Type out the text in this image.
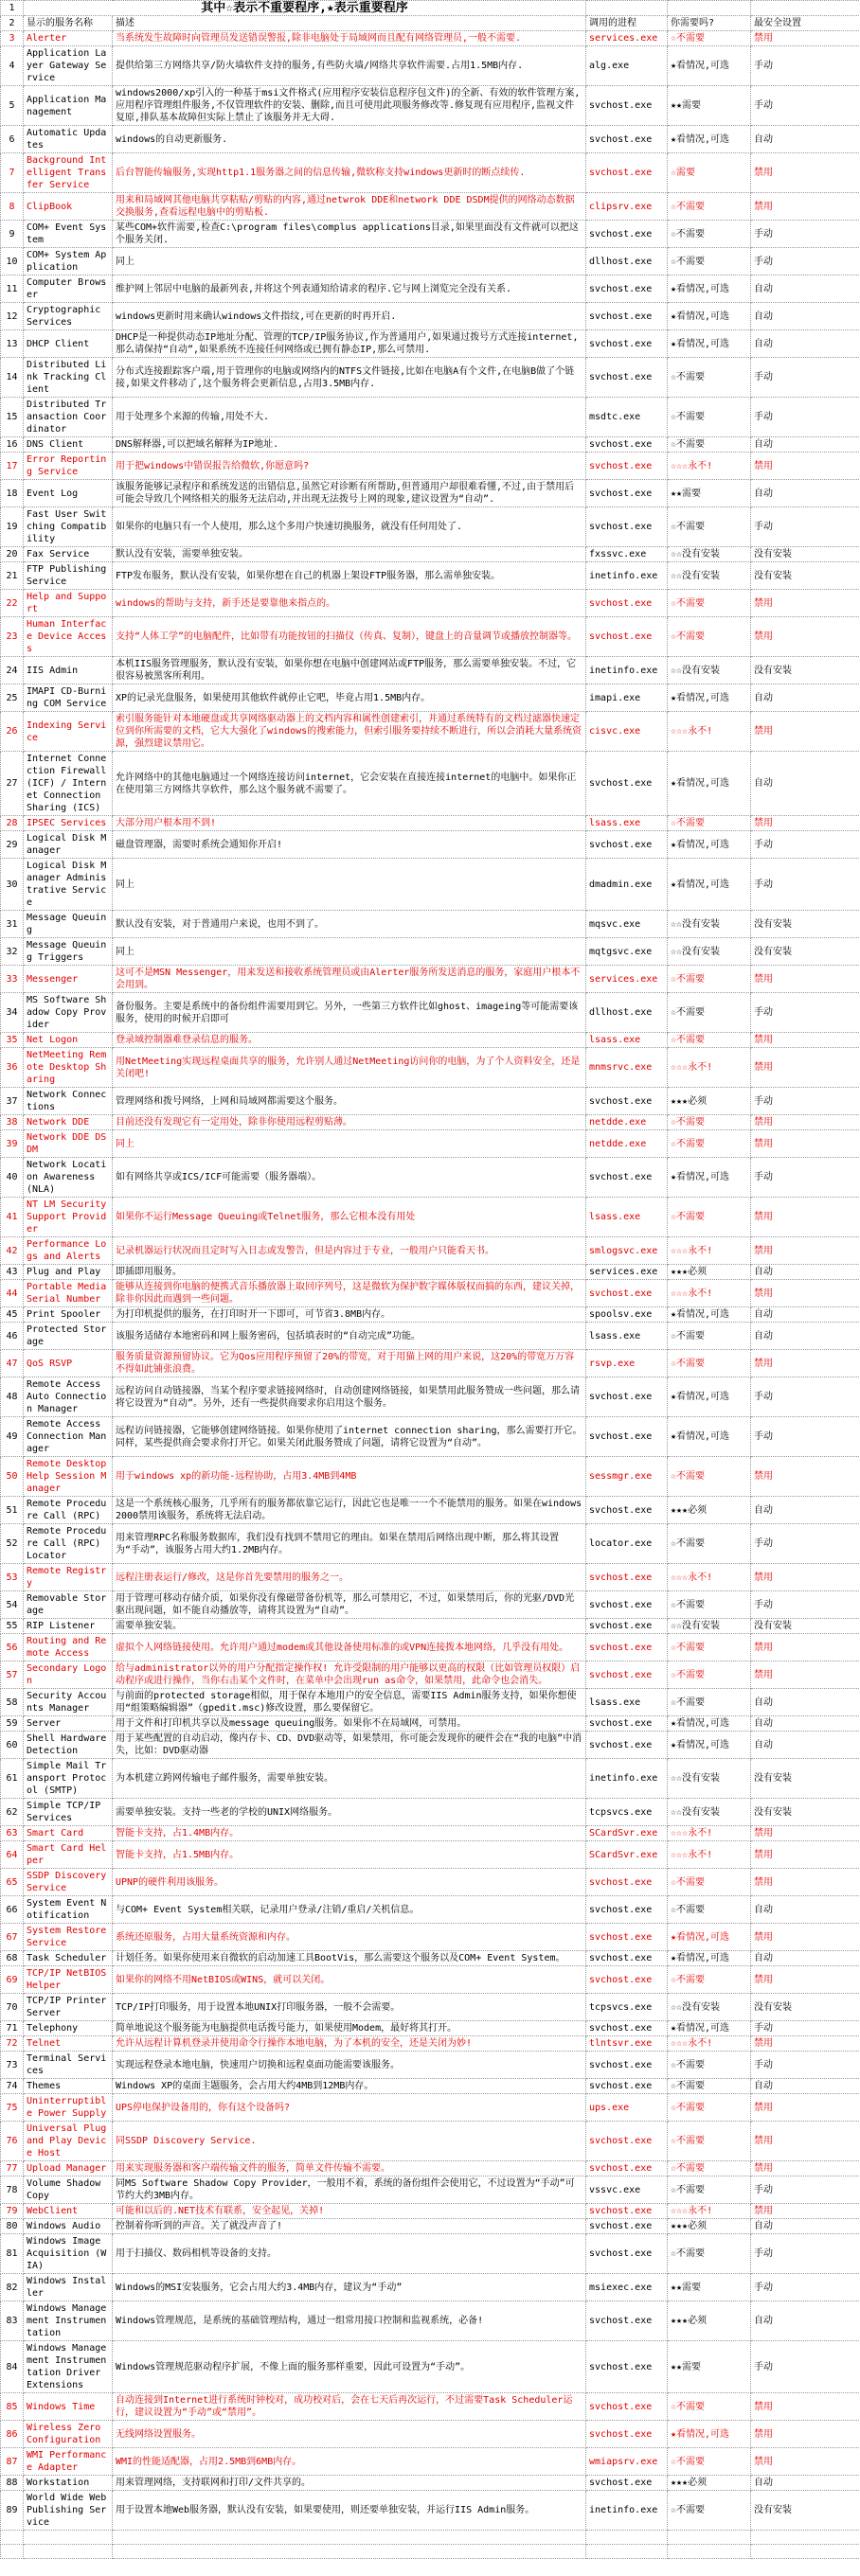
1	其中☆表示不重要程序,★表示重要程序				
2	显示的服务名称	描述	调用的进程	你需要吗?	最安全设置
3	Alerter	当系统发生故障时向管理员发送错误警报,除非电脑处于局域网而且配有网络管理员,一般不需要.	services.exe	☆不需要	禁用
4	Application Layer Gateway Service	提供给第三方网络共享/防火墙软件支持的服务,有些防火墙/网络共享软件需要.占用1.5MB内存.	alg.exe	★看情况,可选	手动
5	Application Management	windows2000/xp引入的一种基于msi文件格式(应用程序安装信息程序包文件)的全新、有效的软件管理方案,应用程序管理组件服务,不仅管理软件的安装、删除,而且可使用此项服务修改等.修复现有应用程序,监视文件复原,排队基本故障但实际上禁止了该服务并无大碍.	svchost.exe	★★需要	手动
6	Automatic Updates	windows的自动更新服务.	svchost.exe	★看情况,可选	自动
7	Background Intelligent Transfer Service	后台智能传输服务,实现http1.1服务器之间的信息传输,微软称支持windows更新时的断点续传.	svchost.exe	☆需要	禁用
8	ClipBook	用来和局域网其他电脑共享粘贴/剪贴的内容,通过netwrok DDE和network DDE DSDM提供的网络动态数据交换服务,查看远程电脑中的剪贴板.	clipsrv.exe	☆不需要	禁用
9	COM+ Event System	某些COM+软件需要,检查C:\program files\complus applications目录,如果里面没有文件就可以把这个服务关闭.	svchost.exe	☆不需要	手动
10	COM+ System Application	同上	dllhost.exe	☆不需要	手动
11	Computer Browser	维护网上邻居中电脑的最新列表,并将这个列表通知给请求的程序.它与网上浏览完全没有关系.	svchost.exe	★看情况,可选	自动
12	Cryptographic Services	windows更新时用来确认windows文件指纹,可在更新的时再开启.	svchost.exe	★看情况,可选	自动
13	DHCP Client	DHCP是一种提供动态IP地址分配、管理的TCP/IP服务协议,作为普通用户,如果通过拨号方式连接internet,那么请保持“自动”,如果系统不连接任何网络或已拥有静态IP,那么可禁用.	svchost.exe	★看情况,可选	自动
14	Distributed Link Tracking Client	分布式连接跟踪客户端,用于管理你的电脑或网络内的NTFS文件链接,比如在电脑A有个文件,在电脑B做了个链接,如果文件移动了,这个服务将会更新信息,占用3.5MB内存.	svchost.exe	☆不需要	手动
15	Distributed Transaction Coordinator	用于处理多个来源的传输,用处不大.	msdtc.exe	☆不需要	手动
16	DNS Client	DNS解释器,可以把域名解释为IP地址.	svchost.exe	☆不需要	自动
17	Error Reporting Service	用于把windows中错误报告给微软,你愿意吗?	svchost.exe	☆☆☆永不!	禁用
18	Event Log	该服务能够记录程序和系统发送的出错信息,虽然它对诊断有所帮助,但普通用户却很难看懂,不过,由于禁用后可能会导致几个网络相关的服务无法启动,并出现无法拨号上网的现象,建议设置为“自动”.	svchost.exe	★★需要	自动
19	Fast User Switching Compatibility	如果你的电脑只有一个人使用，那么这个多用户快速切换服务，就没有任何用处了.	svchost.exe	☆不需要	手动
20	Fax Service	默认没有安装，需要单独安装。	fxssvc.exe	☆☆没有安装	没有安装
21	FTP Publishing Service	FTP发布服务，默认没有安装，如果你想在自己的机器上架设FTP服务器，那么需单独安装。	inetinfo.exe	☆☆没有安装	没有安装
22	Help and Support	windows的帮助与支持，新手还是要靠他来指点的。	svchost.exe	☆不需要	禁用
23	Human Interface Device Access	支持“人体工学”的电脑配件，比如带有功能按钮的扫描仪（传真、复制），键盘上的音量调节或播放控制器等。	svchost.exe	☆不需要	禁用
24	IIS Admin	本机IIS服务管理服务，默认没有安装，如果你想在电脑中创建网站或FTP服务，那么需要单独安装。不过，它很容易被黑客所利用。	inetinfo.exe	☆☆没有安装	没有安装
25	IMAPI CD-Burning COM Service	XP的记录光盘服务，如果使用其他软件就停止它吧，毕竟占用1.5MB内存。	imapi.exe	★看情况,可选	自动
26	Indexing Service	索引服务能针对本地硬盘或共享网络驱动器上的文档内容和属性创建索引，并通过系统特有的文档过滤器快速定位到你所需要的文档，它大大强化了windows的搜索能力，但索引服务要持续不断进行，所以会消耗大量系统资源，强烈建议禁用它。	cisvc.exe	☆☆☆永不!	禁用
27	Internet Connection Firewall (ICF) / Internet Connection Sharing (ICS)	允许网络中的其他电脑通过一个网络连接访问internet，它会安装在直接连接internet的电脑中。如果你正在使用第三方网络共享软件，那么这个服务就不需要了。	svchost.exe	★看情况,可选	自动
28	IPSEC Services	大部分用户根本用不到!	lsass.exe	☆不需要	禁用
29	Logical Disk Manager	磁盘管理器，需要时系统会通知你开启!	svchost.exe	★看情况,可选	手动
30	Logical Disk Manager Administrative Service	同上	dmadmin.exe	★看情况,可选	手动
31	Message Queuing	默认没有安装，对于普通用户来说，也用不到了。	mqsvc.exe	☆☆没有安装	没有安装
32	Message Queuing Triggers	同上	mqtgsvc.exe	☆☆没有安装	没有安装
33	Messenger	这可不是MSN Messenger，用来发送和接收系统管理员或由Alerter服务所发送消息的服务，家庭用户根本不会用到。	services.exe	☆不需要	禁用
34	MS Software Shadow Copy Provider	备份服务。主要是系统中的备份组件需要用到它。另外，一些第三方软件比如ghost、imageing等可能需要该服务，使用的时候开启即可	dllhost.exe	☆不需要	手动
35	Net Logon	登录域控制器难登录信息的服务。	lsass.exe	☆不需要	禁用
36	NetMeeting Remote Desktop Sharing	用NetMeeting实现远程桌面共享的服务，允许别人通过NetMeeting访问你的电脑，为了个人资料安全，还是关闭吧!	mnmsrvc.exe	☆☆☆永不!	禁用
37	Network Connections	管理网络和拨号网络，上网和局域网都需要这个服务。	svchost.exe	★★★必须	手动
38	Network DDE	目前还没有发现它有一定用处，除非你使用远程剪贴薄。	netdde.exe	☆不需要	禁用
39	Network DDE DSDM	同上	netdde.exe	☆不需要	禁用
40	Network Location Awareness (NLA)	如有网络共享或ICS/ICF可能需要（服务器端）。	svchost.exe	★看情况,可选	手动
41	NT LM Security Support Provider	如果你不运行Message Queuing或Telnet服务，那么它根本没有用处	lsass.exe	☆不需要	禁用
42	Performance Logs and Alerts	记录机器运行状况而且定时写入日志或发警告，但是内容过于专业，一般用户只能看天书。	smlogsvc.exe	☆☆☆永不!	禁用
43	Plug and Play	即插即用服务。	services.exe	★★★必须	自动
44	Portable Media Serial Number	能够从连接到你电脑的便携式音乐播放器上取回序列号，这是微软为保护数字媒体版权而搞的东西，建议关掉，除非你因此而遇到一些问题。	svchost.exe	☆☆☆永不!	禁用
45	Print Spooler	为打印机提供的服务，在打印时开一下即可，可节省3.8MB内存。	spoolsv.exe	★看情况,可选	自动
46	Protected Storage	该服务适储存本地密码和网上服务密码，包括填表时的“自动完成”功能。	lsass.exe	☆不需要	自动
47	QoS RSVP	服务质量资源预留协议。它为Qos应用程序预留了20%的带宽，对于用猫上网的用户来说，这20%的带宽万万容不得如此铺张浪费。	rsvp.exe	☆不需要	禁用
48	Remote Access Auto Connection Manager	远程访问自动链接器，当某个程序要求链接网络时，自动创建网络链接，如果禁用此服务赞成一些问题，那么请将它设置为“自动”。另外，还有一些提供商要求你启用这个服务。	svchost.exe	★看情况,可选	手动
49	Remote Access Connection Manager	远程访问链接器，它能够创建网络链接。如果你使用了internet connection sharing，那么需要打开它。同样，某些提供商会要求你打开它。如果关闭此服务赞成了问题，请将它设置为“自动”。	svchost.exe	★看情况,可选	手动
50	Remote Desktop Help Session Manager	用于windows xp的新功能-远程协助，占用3.4MB到4MB	sessmgr.exe	☆不需要	禁用
51	Remote Procedure Call (RPC)	这是一个系统核心服务，几乎所有的服务都依靠它运行，因此它也是唯一一个不能禁用的服务。如果在windows2000禁用该服务，系统将无法启动。	svchost.exe	★★★必须	自动
52	Remote Procedure Call (RPC) Locator	用来管理RPC名称服务数据库，我们没有找到不禁用它的理由。如果在禁用后网络出现中断，那么将其设置为“手动”，该服务占用大约1.2MB内存。	locator.exe	☆不需要	手动
53	Remote Registry	远程注册表运行/修改，这是你首先要禁用的服务之一。	svchost.exe	☆☆☆永不!	禁用
54	Removable Storage	用于管理可移动存储介质，如果你没有像磁带备份机等，那么可禁用它，不过，如果禁用后，你的光驱/DVD光驱出现问题，如不能自动播放等，请将其设置为“自动”。	svchost.exe	☆不需要	手动
55	RIP Listener	需要单独安装。	svchost.exe	☆☆没有安装	没有安装
56	Routing and Remote Access	虚拟个人网络链接使用。允许用户通过modem或其他设备使用标准的或VPN连接拨本地网络，几乎没有用处。	svchost.exe	☆不需要	禁用
57	Secondary Logon	给与administrator以外的用户分配指定操作权! 允许受限制的用户能够以更高的权限（比如管理员权限）启动程序或进行操作，当你右击某个文件时，在菜单中会出现run as命令，如果禁用，此命令也会消失。	svchost.exe	☆不需要	禁用
58	Security Accounts Manager	与前面的protected storage相似，用于保存本地用户的安全信息，需要IIS Admin服务支持，如果你想使用“组策略编辑器”（gpedit.msc)修改设置，那么要保留它。	lsass.exe	☆不需要	自动
59	Server	用于文件和打印机共享以及message queuing服务。如果你不在局域网，可禁用。	svchost.exe	★看情况,可选	自动
60	Shell Hardware Detection	用于某些配置的自动启动，像内存卡、CD、DVD驱动等，如果禁用，你可能会发现你的硬件会在“我的电脑”中消失，比如：DVD驱动器	svchost.exe	★看情况,可选	自动
61	Simple Mail Transport Protocol (SMTP)	为本机建立跨网传输电子邮件服务，需要单独安装。	inetinfo.exe	☆☆没有安装	没有安装
62	Simple TCP/IP Services	需要单独安装。支持一些老的学校的UNIX网络服务。	tcpsvcs.exe	☆☆没有安装	没有安装
63	Smart Card	智能卡支持，占1.4MB内存。	SCardSvr.exe	☆☆☆永不!	禁用
64	Smart Card Helper	智能卡支持，占1.5MB内存。	SCardSvr.exe	☆☆☆永不!	禁用
65	SSDP Discovery Service	UPNP的硬件利用该服务。	svchost.exe	☆不需要	禁用
66	System Event Notification	与COM+ Event System相关联，记录用户登录/注销/重启/关机信息。	svchost.exe	☆不需要	自动
67	System Restore Service	系统还原服务，占用大量系统资源和内存。	svchost.exe	★看情况,可选	禁用
68	Task Scheduler	计划任务。如果你使用来自微软的启动加速工具BootVis，那么需要这个服务以及COM+ Event System。	svchost.exe	★看情况,可选	自动
69	TCP/IP NetBIOS Helper	如果你的网络不用NetBIOS或WINS，就可以关闭。	svchost.exe	☆不需要	禁用
70	TCP/IP Printer Server	TCP/IP打印服务，用于设置本地UNIX打印服务器，一般不会需要。	tcpsvcs.exe	☆☆没有安装	没有安装
71	Telephony	简单地说这个服务能为电脑提供电话拨号能力，如果使用Modem，最好将其打开。	svchost.exe	★看情况,可选	手动
72	Telnet	允许从远程计算机登录并使用命令行操作本地电脑，为了本机的安全，还是关闭为妙!	tlntsvr.exe	☆☆☆永不!	禁用
73	Terminal Services	实现远程登录本地电脑，快速用户切换和远程桌面功能需要该服务。	svchost.exe	☆不需要	手动
74	Themes	Windows XP的桌面主题服务，会占用大约4MB到12MB内存。	svchost.exe	☆不需要	自动
75	Uninterruptible Power Supply	UPS停电保护设备用的，你有这个设备吗?	ups.exe	☆不需要	禁用
76	Universal Plug and Play Device Host	同SSDP Discovery Service.	svchost.exe	☆不需要	禁用
77	Upload Manager	用来实现服务器和客户端传输文件的服务，简单文件传输不需要。	svchost.exe	☆不需要	禁用
78	Volume Shadow Copy	同MS Software Shadow Copy Provider，一般用不着，系统的备份组件会使用它，不过设置为“手动”可节约大约3MB内存。	vssvc.exe	☆不需要	手动
79	WebClient	可能和以后的.NET技术有联系，安全起见，关掉!	svchost.exe	☆☆☆永不!	禁用
80	Windows Audio	控制着你听到的声音。关了就没声音了!	svchost.exe	★★★必须	自动
81	Windows Image Acquisition (WIA)	用于扫描仪、数码相机等设备的支持。	svchost.exe	☆不需要	手动
82	Windows Installer	Windows的MSI安装服务，它会占用大约3.4MB内存，建议为“手动”	msiexec.exe	★★需要	手动
83	Windows Management Instrumentation	Windows管理规范，是系统的基础管理结构，通过一组常用接口控制和监视系统，必备!	svchost.exe	★★★必须	自动
84	Windows Management Instrumentation Driver Extensions	Windows管理规范驱动程序扩展，不像上面的服务那样重要，因此可设置为“手动”。	svchost.exe	★★需要	手动
85	Windows Time	自动连接到Internet进行系统时钟校对，成功校对后，会在七天后再次运行，不过需要Task Scheduler运行，建议设置为“手动”或“禁用”。	svchost.exe	☆不需要	禁用
86	Wireless Zero Configuration	无线网络设置服务。	svchost.exe	★看情况,可选	禁用
87	WMI Performance Adapter	WMI的性能适配器，占用2.5MB到6MB内存。	wmiapsrv.exe	☆不需要	禁用
88	Workstation	用来管理网络，支持联网和打印/文件共享的。	svchost.exe	★★★必须	自动
89	World Wide Web Publishing Service	用于设置本地Web服务器，默认没有安装，如果要使用，则还要单独安装，并运行IIS Admin服务。	inetinfo.exe	☆不需要	没有安装
